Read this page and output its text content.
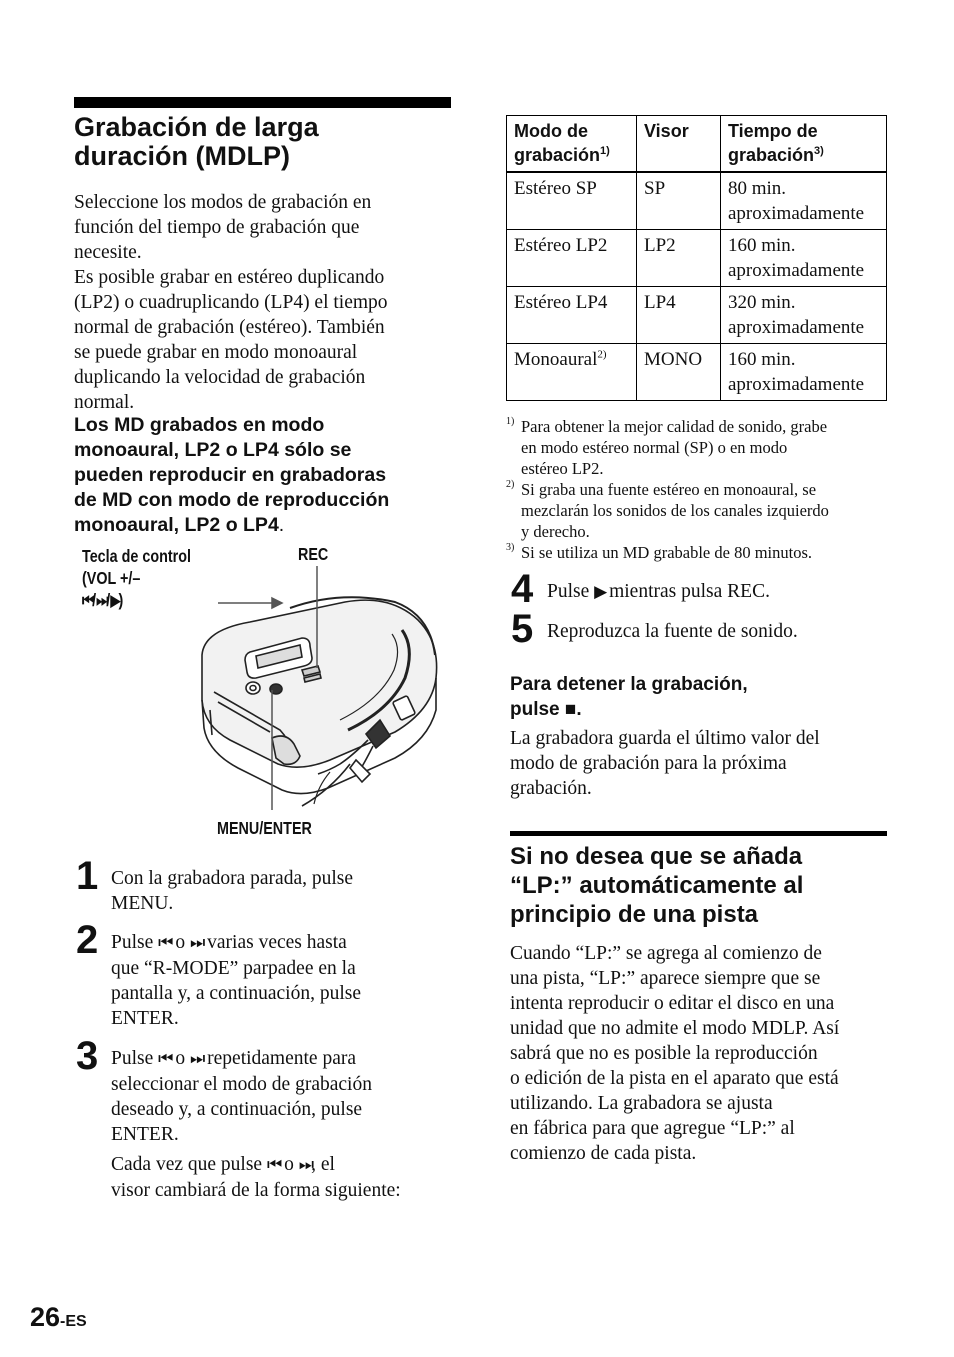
Grabación de larga
duración (MDLP)
Seleccione los modos de grabación en
función del tiempo de grabación que
necesite.
Es posible grabar en estéreo duplicando
(LP2) o cuadruplicando (LP4) el tiempo
normal de grabación (estéreo). También
se puede grabar en modo monoaural
duplicando la velocidad de grabación
normal.
Los MD grabados en modo
monoaural, LP2 o LP4 sólo se
pueden reproducir en grabadoras
de MD con modo de reproducción
monoaural, LP2 o LP4.
Tecla de control
(VOL +/–
⏮/⏭/▶)
REC
MENU/ENTER
1 Con la grabadora parada, pulse
MENU.
2 Pulse ⏮ o ⏭ varias veces hasta
que “R-MODE” parpadee en la
pantalla y, a continuación, pulse
ENTER.
3 Pulse ⏮ o ⏭ repetidamente para
seleccionar el modo de grabación
deseado y, a continuación, pulse
ENTER.
Cada vez que pulse ⏮ o ⏭, el
visor cambiará de la forma siguiente:
26-ES
Modo de
grabación$^{1)}$	Visor	Tiempo de
grabación$^{3)}$
Estéreo SP	SP	80 min.
aproximadamente
Estéreo LP2	LP2	160 min.
aproximadamente
Estéreo LP4	LP4	320 min.
aproximadamente
Monoaural$^{2)}$	MONO	160 min.
aproximadamente
1) Para obtener la mejor calidad de sonido, grabe
en modo estéreo normal (SP) o en modo
estéreo LP2.
2) Si graba una fuente estéreo en monoaural, se
mezclarán los sonidos de los canales izquierdo
y derecho.
3) Si se utiliza un MD grabable de 80 minutos.
4 Pulse ▶ mientras pulsa REC.
5 Reproduzca la fuente de sonido.
Para detener la grabación,
pulse ■.
La grabadora guarda el último valor del
modo de grabación para la próxima
grabación.
Si no desea que se añada
“LP:” automáticamente al
principio de una pista
Cuando “LP:” se agrega al comienzo de
una pista, “LP:” aparece siempre que se
intenta reproducir o editar el disco en una
unidad que no admite el modo MDLP. Así
sabrá que no es posible la reproducción
o edición de la pista en el aparato que está
utilizando. La grabadora se ajusta
en fábrica para que agregue “LP:” al
comienzo de cada pista.
